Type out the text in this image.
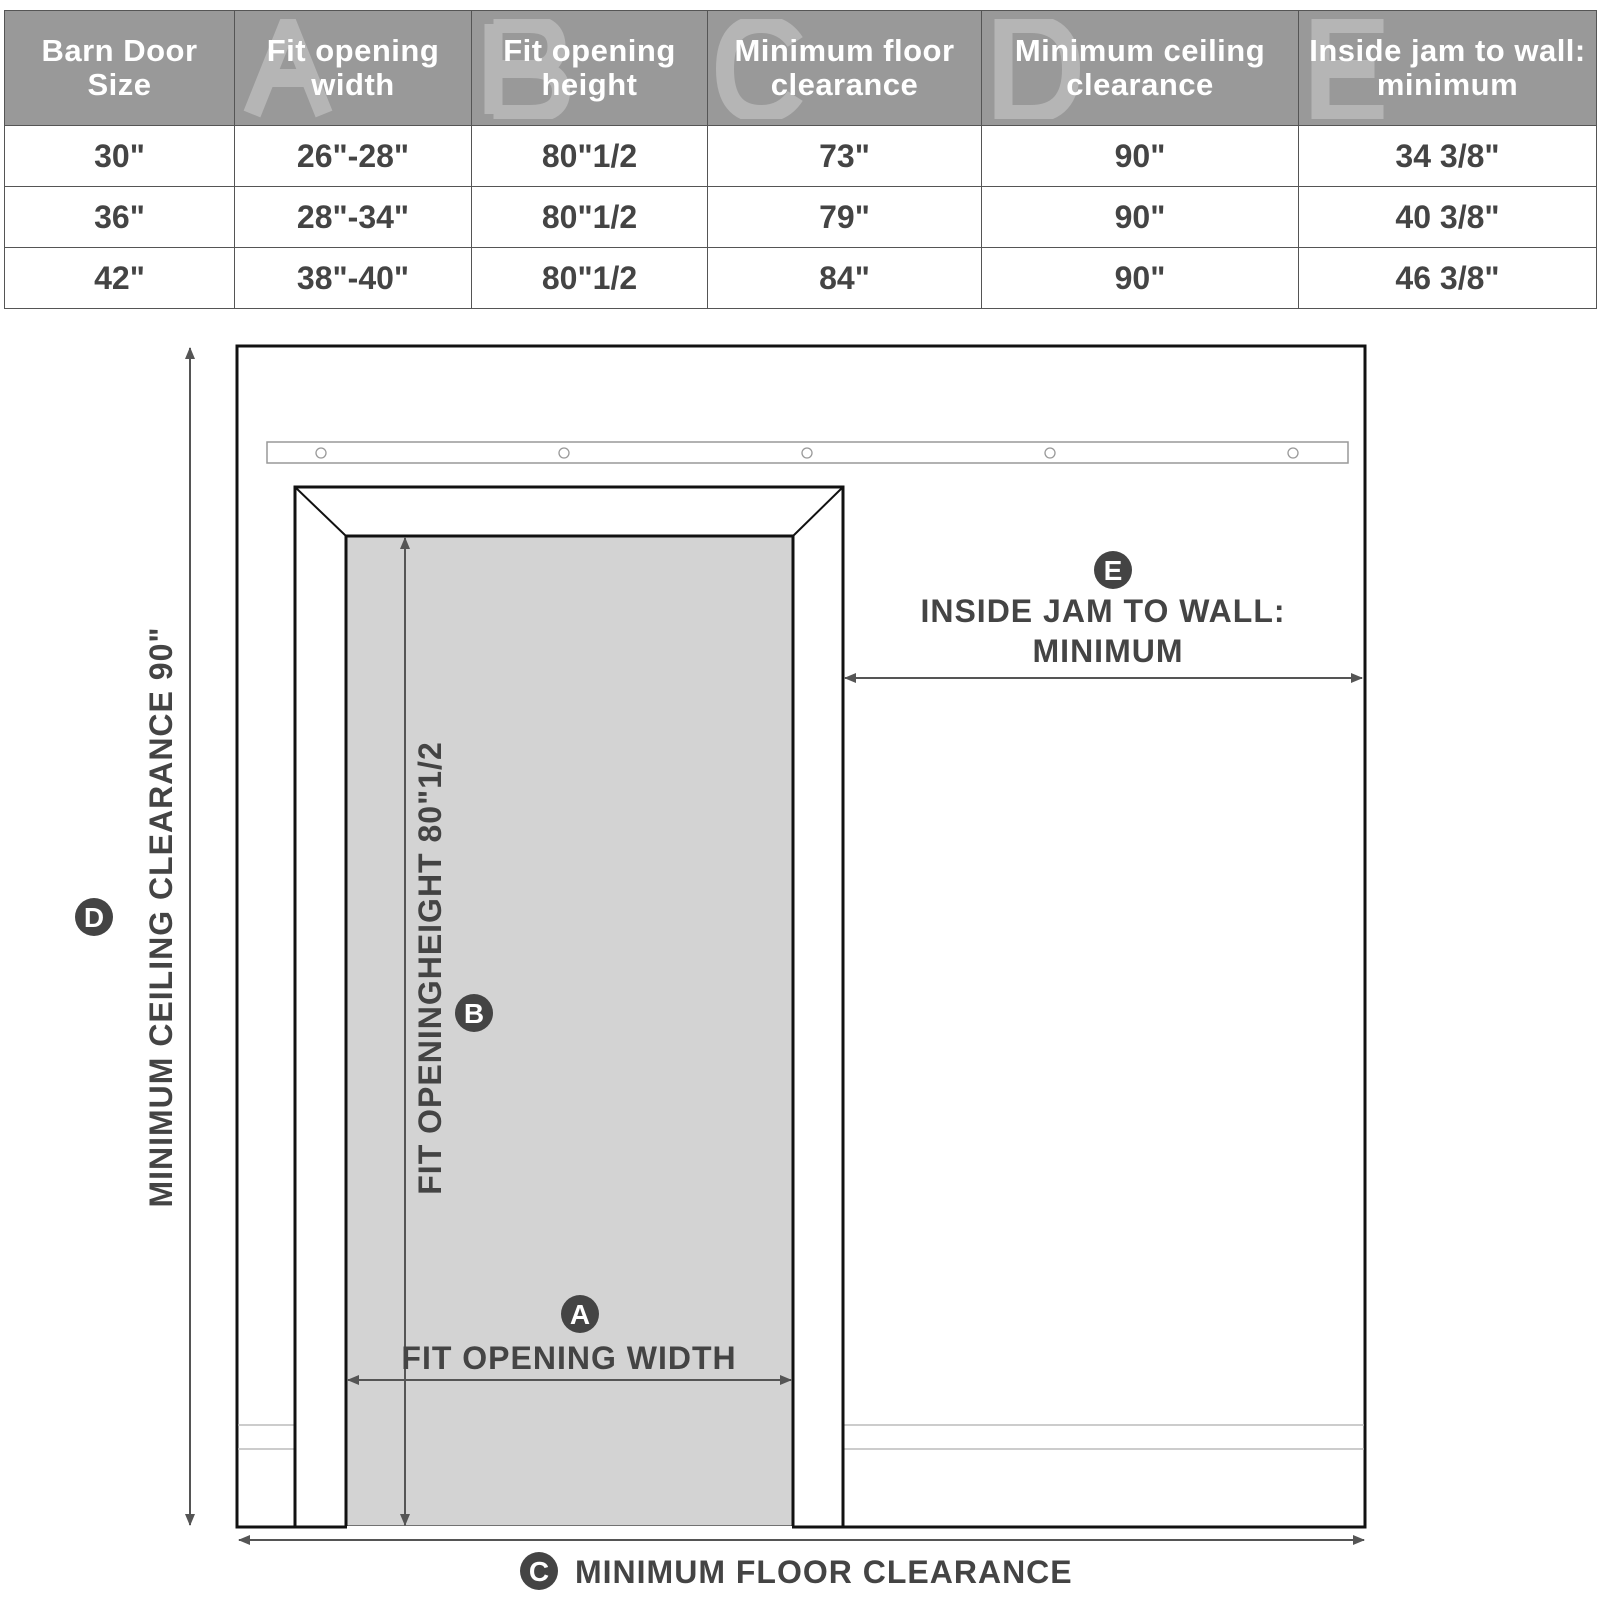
Barn Door Size	Fit opening width	Fit opening height	Minimum floor clearance	Minimum ceiling clearance	Inside jam to wall: minimum

30"	26"-28"	80"1/2	73"	90"	34 3/8"
36"	28"-34"	80"1/2	79"	90"	40 3/8"
42"	38"-40"	80"1/2	84"	90"	46 3/8"
MINIMUM CEILING CLEARANCE 90"
D	FIT OPENINGHEIGHT 80"1/2 B
A
FIT OPENING WIDTH
E
INSIDE JAM TO WALL:
MINIMUM
C MINIMUM FLOOR CLEARANCE
